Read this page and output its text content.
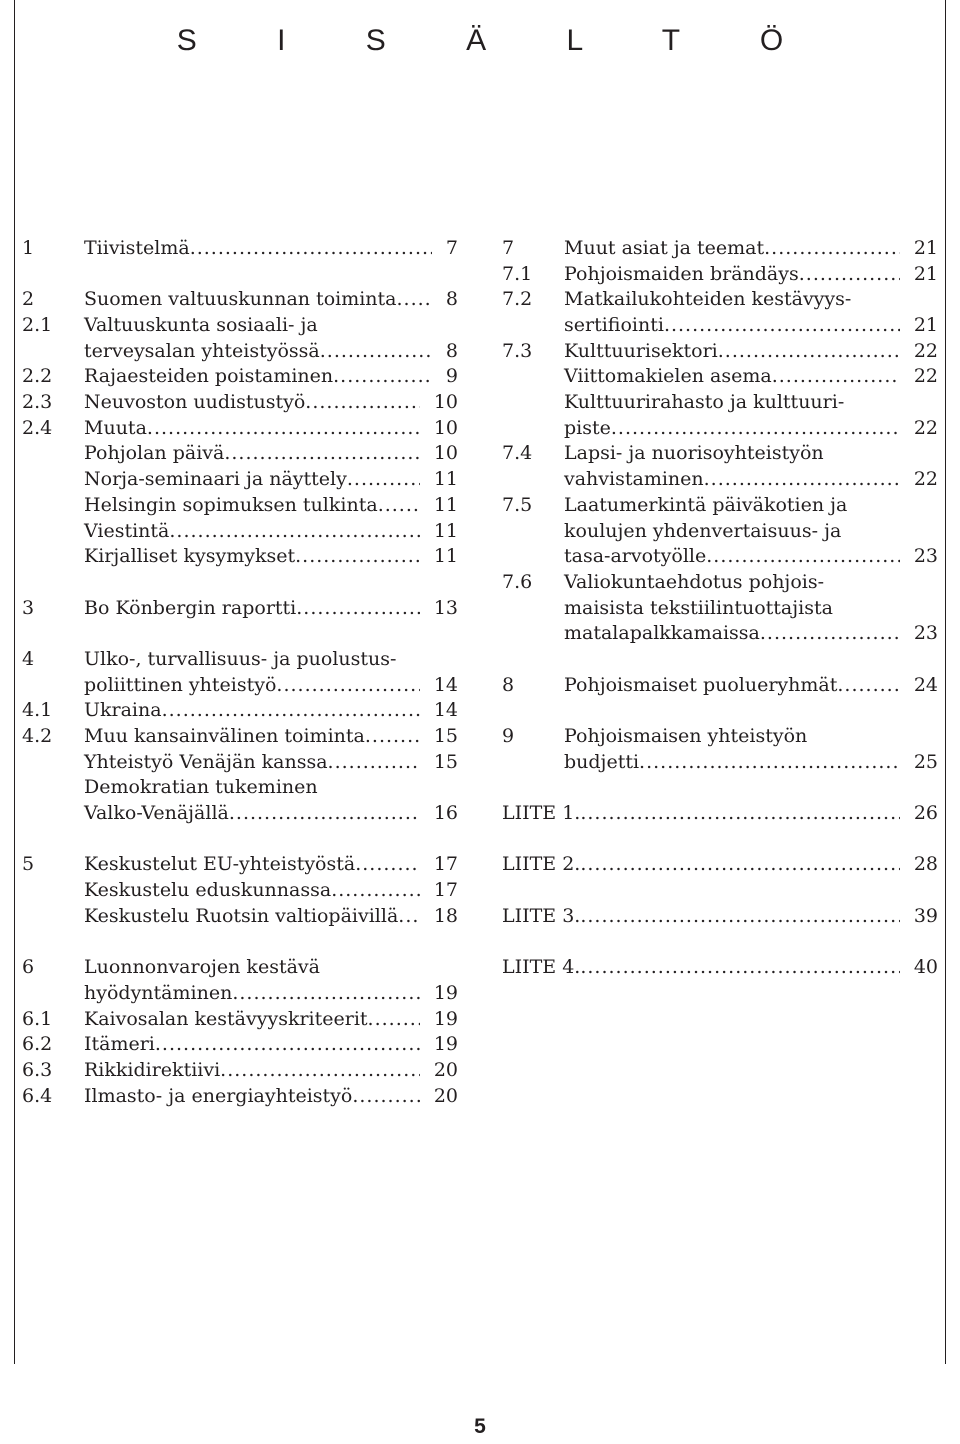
S I S Ä L T Ö
1	Tiivistelmä .....	7
2	Suomen valtuuskunnan toiminta .....	8
2.1	Valtuuskunta sosiaali- ja
terveysalan yhteistyössä .....	8
2.2	Rajaesteiden poistaminen .....	9
2.3	Neuvoston uudistustyö .....	10
2.4	Muuta .....	10
Pohjolan päivä .....	10
Norja-seminaari ja näyttely .....	11
Helsingin sopimuksen tulkinta .....	11
Viestintä .....	11
Kirjalliset kysymykset .....	11
3	Bo Könbergin raportti .....	13
4	Ulko-, turvallisuus- ja puolustus-
poliittinen yhteistyö .....	14
4.1	Ukraina .....	14
4.2	Muu kansainvälinen toiminta .....	15
Yhteistyö Venäjän kanssa .....	15
Demokratian tukeminen
Valko-Venäjällä .....	16
5	Keskustelut EU-yhteistyöstä .....	17
Keskustelu eduskunnassa .....	17
Keskustelu Ruotsin valtiopäivillä .....	18
6	Luonnonvarojen kestävä
hyödyntäminen .....	19
6.1	Kaivosalan kestävyyskriteerit .....	19
6.2	Itämeri .....	19
6.3	Rikkidirektiivi .....	20
6.4	Ilmasto- ja energiayhteistyö .....	20
7	Muut asiat ja teemat .....	21
7.1	Pohjoismaiden brändäys .....	21
7.2	Matkailukohteiden kestävyys-
sertifiointi .....	21
7.3	Kulttuurisektori .....	22
Viittomakielen asema .....	22
Kulttuurirahasto ja kulttuuri-
piste .....	22
7.4	Lapsi- ja nuorisoyhteistyön
vahvistaminen .....	22
7.5	Laatumerkintä päiväkotien ja
koulujen yhdenvertaisuus- ja
tasa-arvotyölle .....	23
7.6	Valiokuntaehdotus pohjois-
maisista tekstiilintuottajista
matalapalkkamaissa .....	23
8	Pohjoismaiset puolueryhmät .....	24
9	Pohjoismaisen yhteistyön
budjetti .....	25
LIITE 1. .....	26
LIITE 2. .....	28
LIITE 3. .....	39
LIITE 4. .....	40
5
